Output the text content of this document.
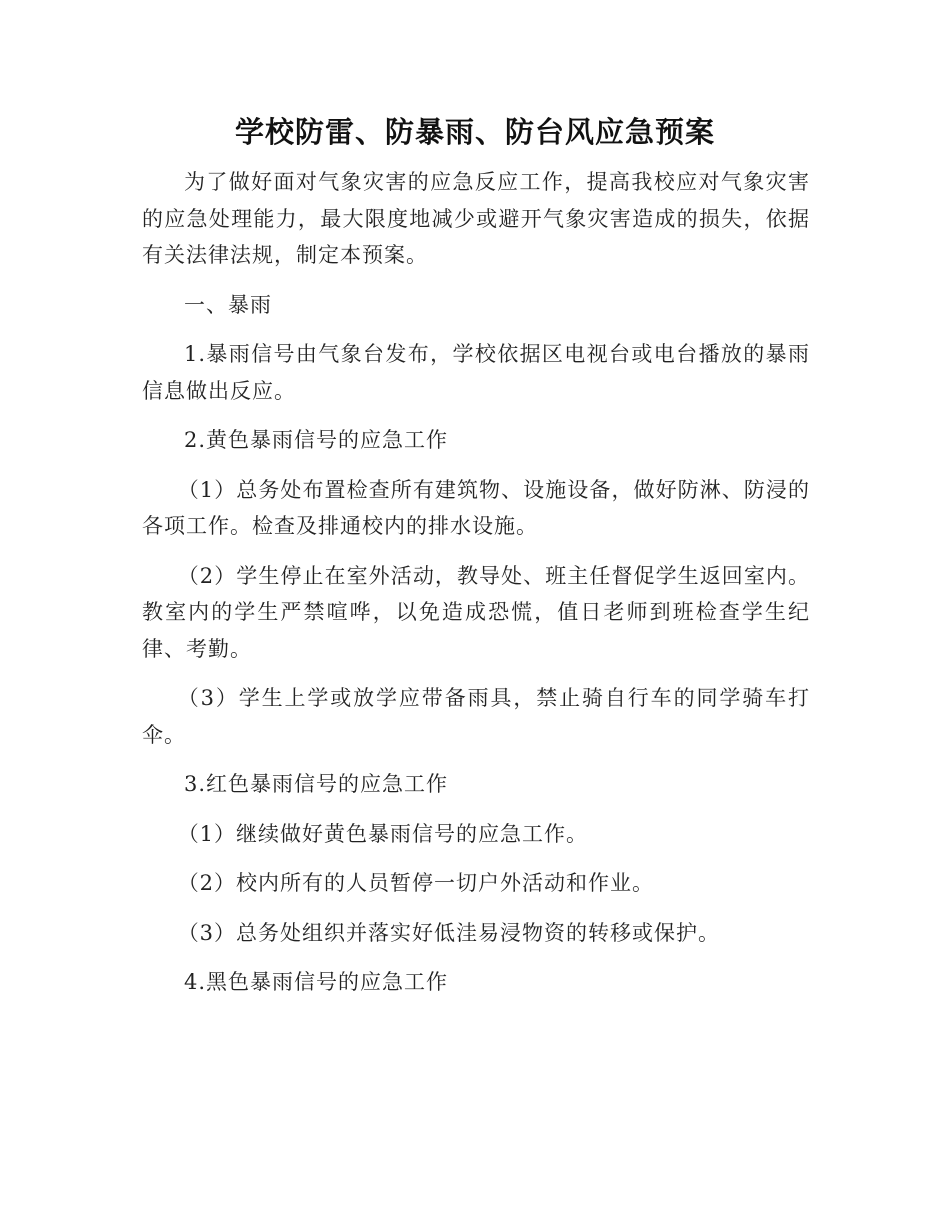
学校防雷、防暴雨、防台风应急预案

为了做好面对气象灾害的应急反应工作，提高我校应对气象灾害的应急处理能力，最大限度地减少或避开气象灾害造成的损失，依据有关法律法规，制定本预案。

一、暴雨

1.暴雨信号由气象台发布，学校依据区电视台或电台播放的暴雨信息做出反应。

2.黄色暴雨信号的应急工作

（1）总务处布置检查所有建筑物、设施设备，做好防淋、防浸的各项工作。检查及排通校内的排水设施。

（2）学生停止在室外活动，教导处、班主任督促学生返回室内。教室内的学生严禁喧哗，以免造成恐慌，值日老师到班检查学生纪律、考勤。

（3）学生上学或放学应带备雨具，禁止骑自行车的同学骑车打伞。

3.红色暴雨信号的应急工作

（1）继续做好黄色暴雨信号的应急工作。

（2）校内所有的人员暂停一切户外活动和作业。

（3）总务处组织并落实好低洼易浸物资的转移或保护。

4.黑色暴雨信号的应急工作
